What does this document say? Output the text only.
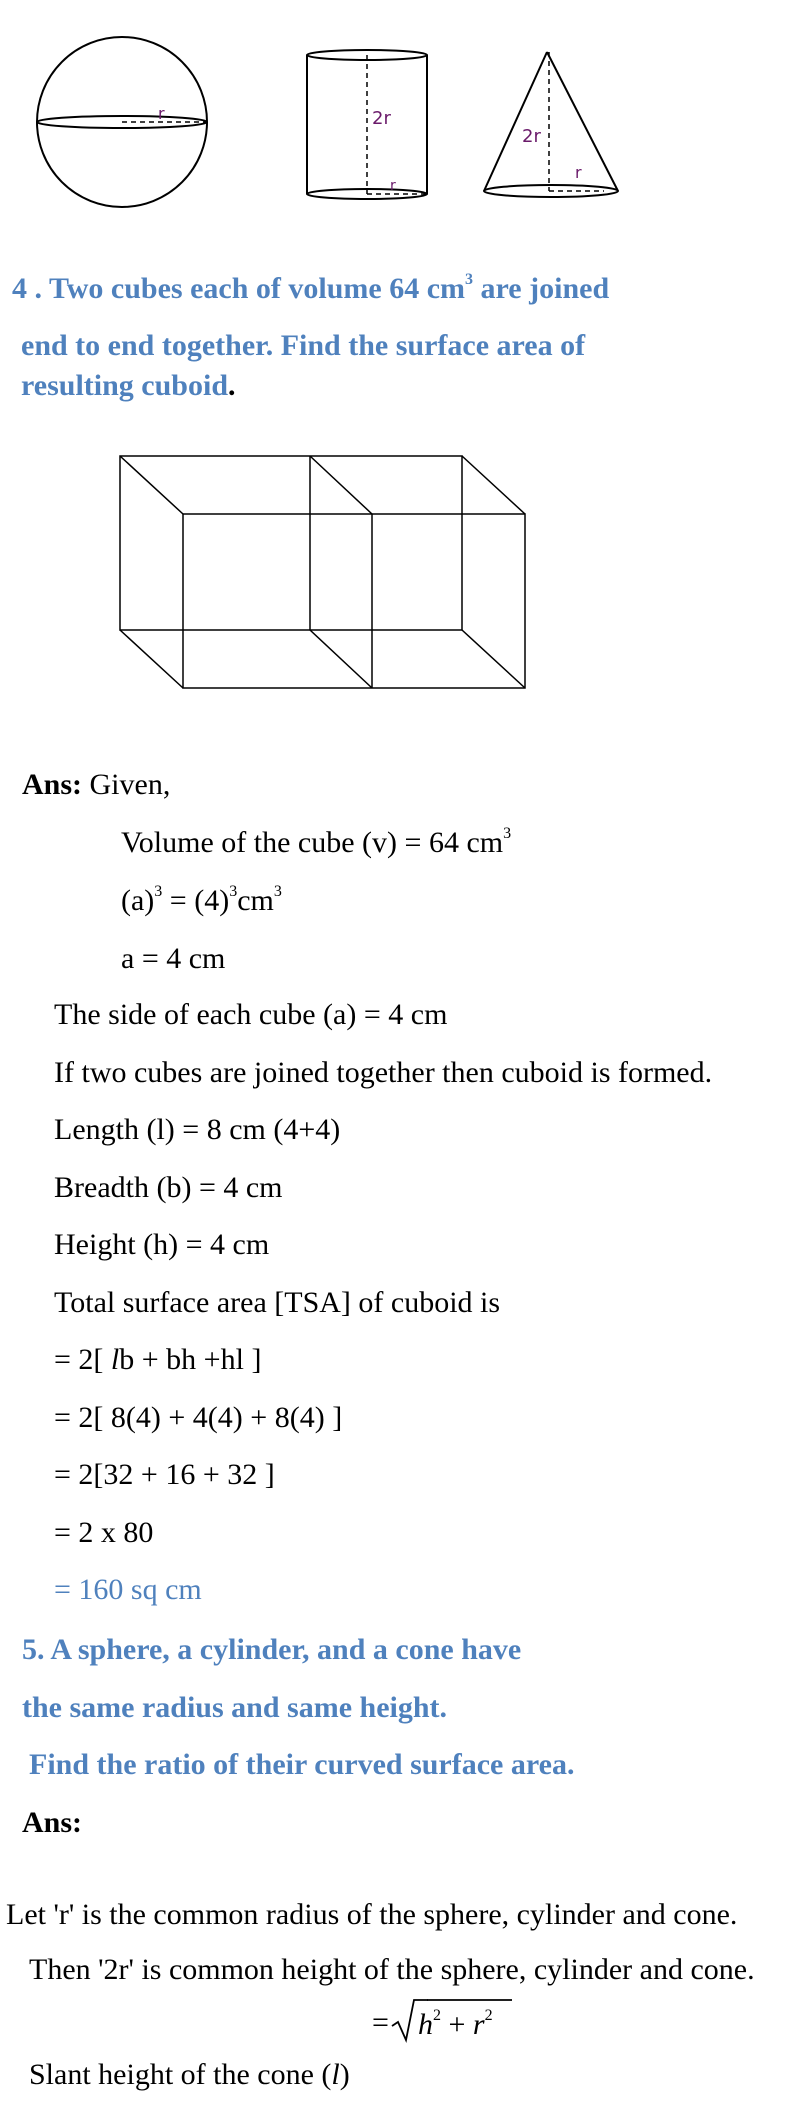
r	2r
r
2r
r
4 . Two cubes each of volume 64 $cm^3$ are joined
end to end together. Find the surface area of
resulting cuboid.
Ans: Given,
Volume of the cube (v) = 64 $cm^3$
$(a)^3 = (4)^3cm^3$
a = 4 cm
The side of each cube (a) = 4 cm
If two cubes are joined together then cuboid is formed.
Length (l) = 8 cm (4+4)
Breadth (b) = 4 cm
Height (h) = 4 cm
Total surface area [TSA] of cuboid is
= 2[ lb + bh +hl ]
= 2[ 8(4) + 4(4) + 8(4) ]
= 2[32 + 16 + 32 ]
= 2 x 80
= 160 sq cm
5. A sphere, a cylinder, and a cone have
the same radius and same height.
Find the ratio of their curved surface area.
Ans:
Let 'r' is the common radius of the sphere, cylinder and cone.
Then '2r' is common height of the sphere, cylinder and cone.
= $h^2 + r^2$
Slant height of the cone (l)
